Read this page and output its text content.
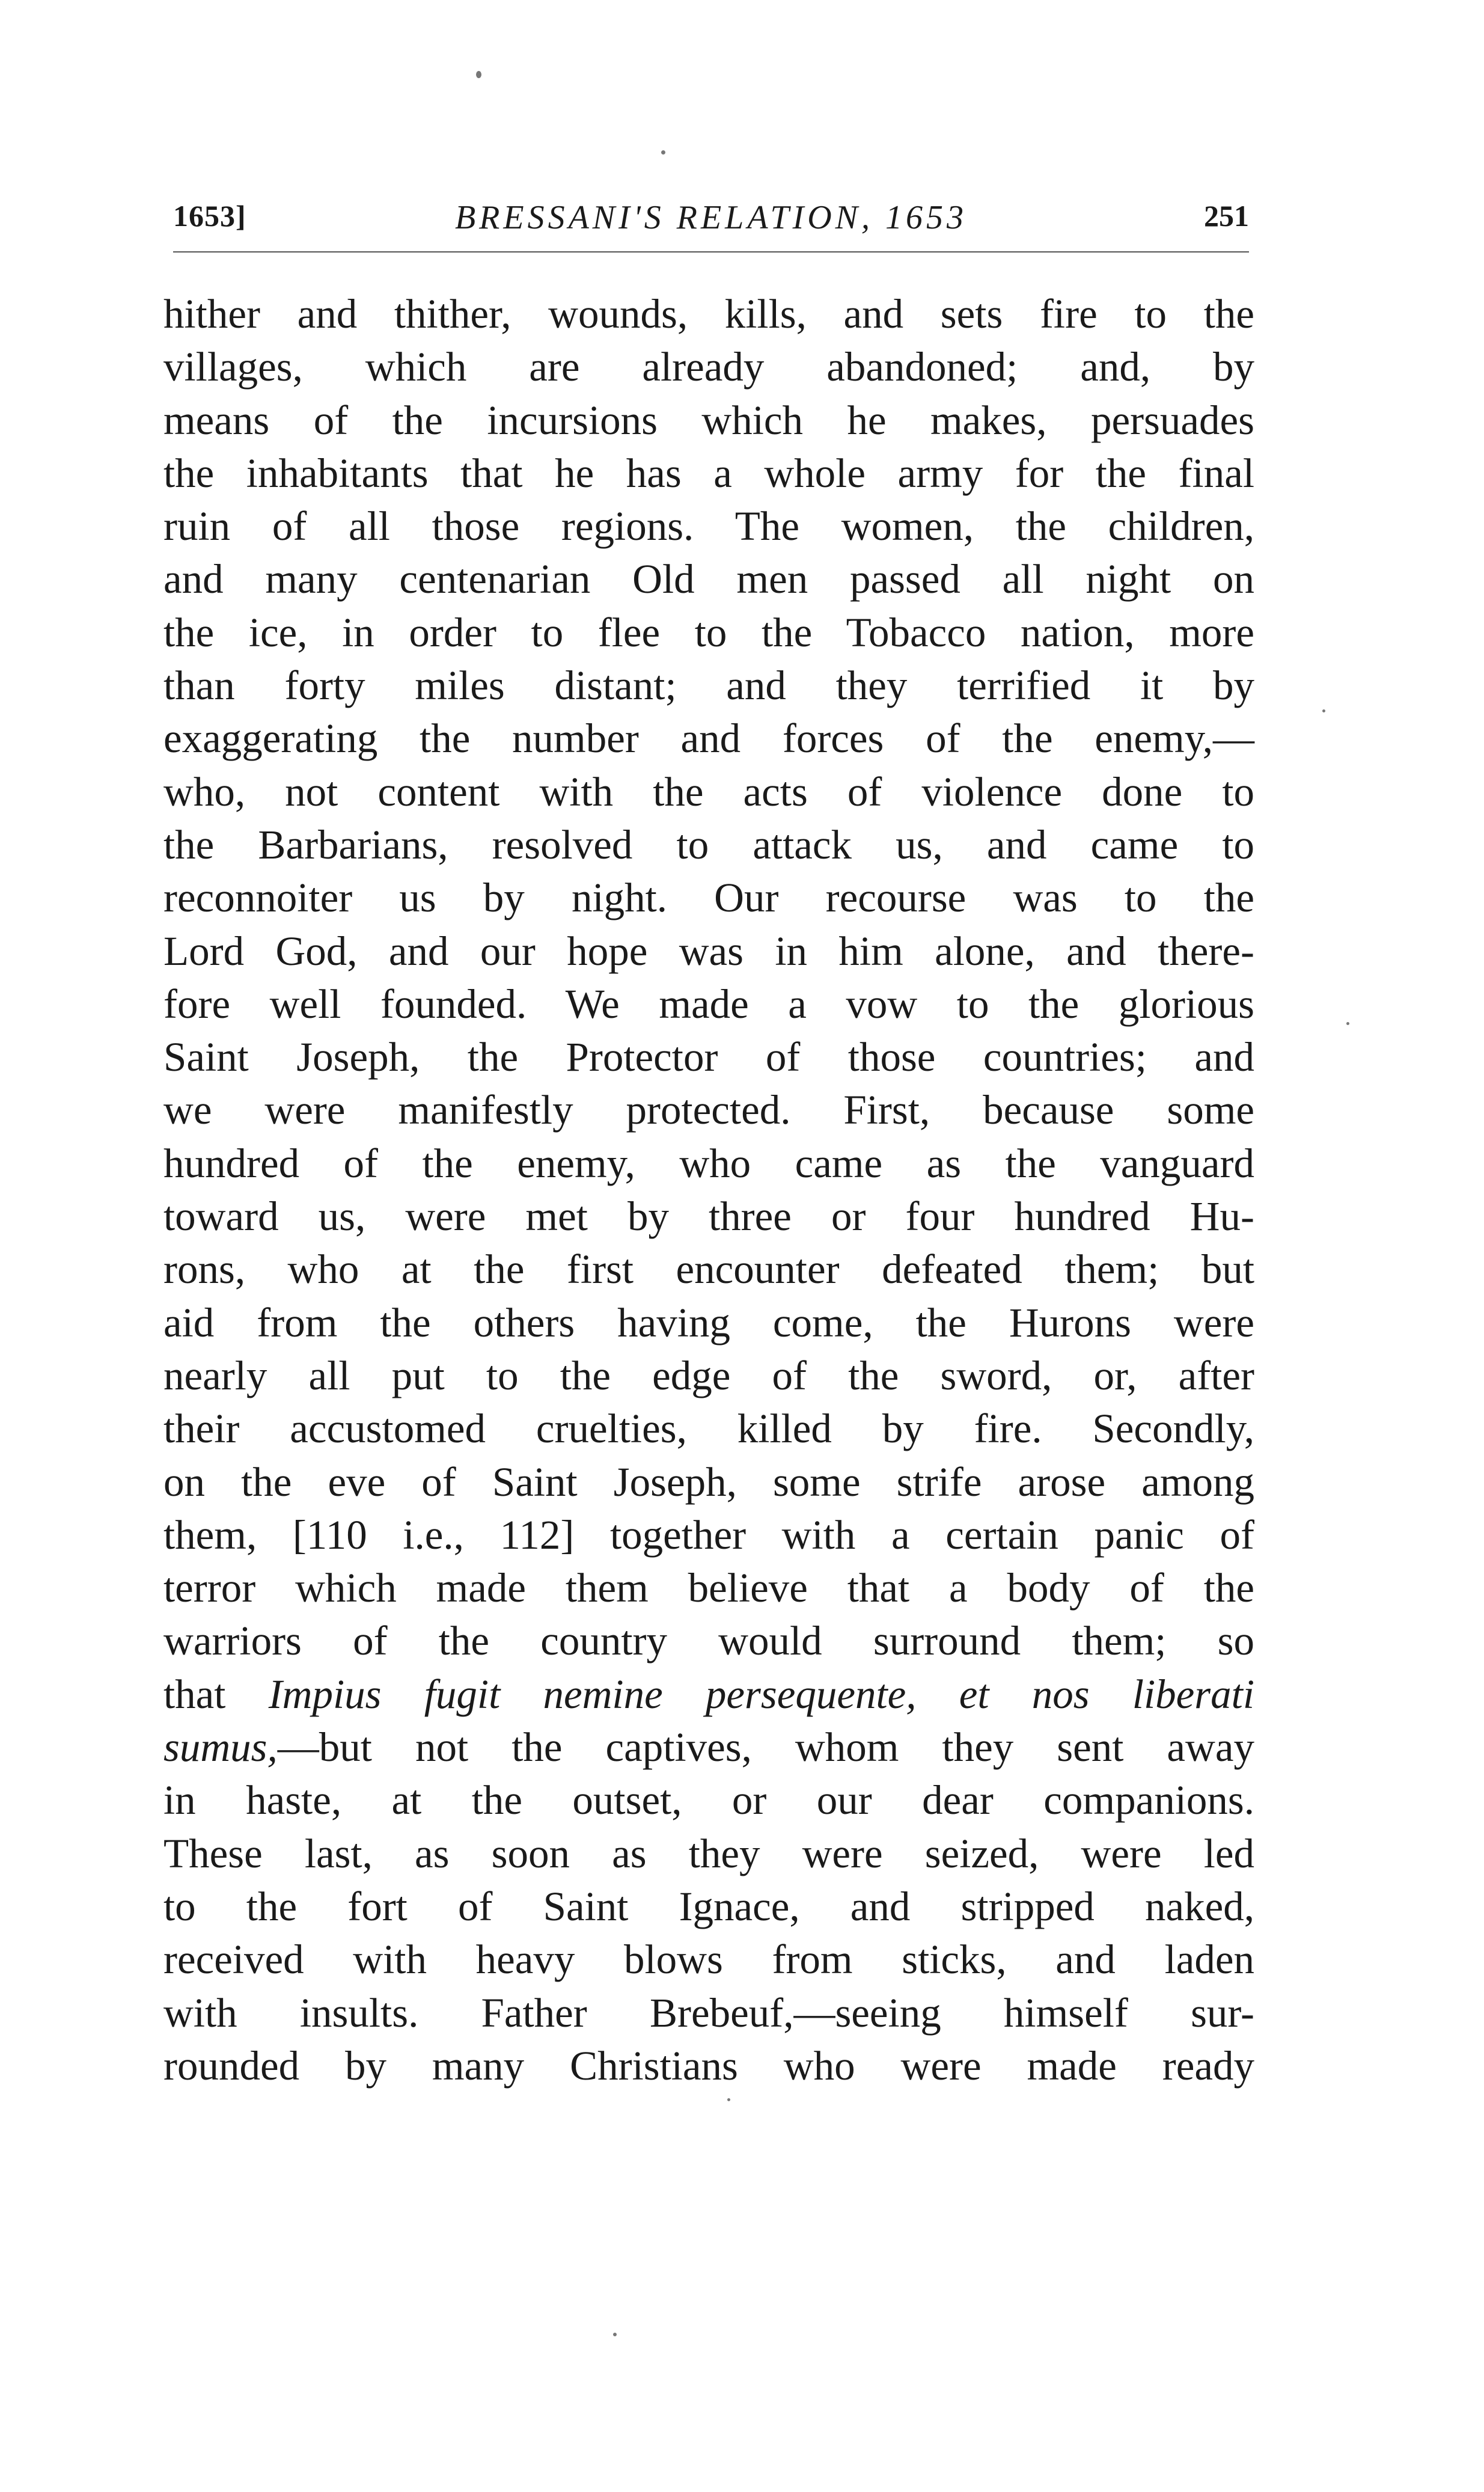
1653]	BRESSANI'S RELATION, 1653	251
hither and thither, wounds, kills, and sets fire to the
villages, which are already abandoned; and, by
means of the incursions which he makes, persuades
the inhabitants that he has a whole army for the final
ruin of all those regions. The women, the children,
and many centenarian Old men passed all night on
the ice, in order to flee to the Tobacco nation, more
than forty miles distant; and they terrified it by
exaggerating the number and forces of the enemy,—
who, not content with the acts of violence done to
the Barbarians, resolved to attack us, and came to
reconnoiter us by night. Our recourse was to the
Lord God, and our hope was in him alone, and there-
fore well founded. We made a vow to the glorious
Saint Joseph, the Protector of those countries; and
we were manifestly protected. First, because some
hundred of the enemy, who came as the vanguard
toward us, were met by three or four hundred Hu-
rons, who at the first encounter defeated them; but
aid from the others having come, the Hurons were
nearly all put to the edge of the sword, or, after
their accustomed cruelties, killed by fire. Secondly,
on the eve of Saint Joseph, some strife arose among
them, [110 i.e., 112] together with a certain panic of
terror which made them believe that a body of the
warriors of the country would surround them; so
that Impius fugit nemine persequente, et nos liberati
sumus,—but not the captives, whom they sent away
in haste, at the outset, or our dear companions.
These last, as soon as they were seized, were led
to the fort of Saint Ignace, and stripped naked,
received with heavy blows from sticks, and laden
with insults. Father Brebeuf,—seeing himself sur-
rounded by many Christians who were made ready
